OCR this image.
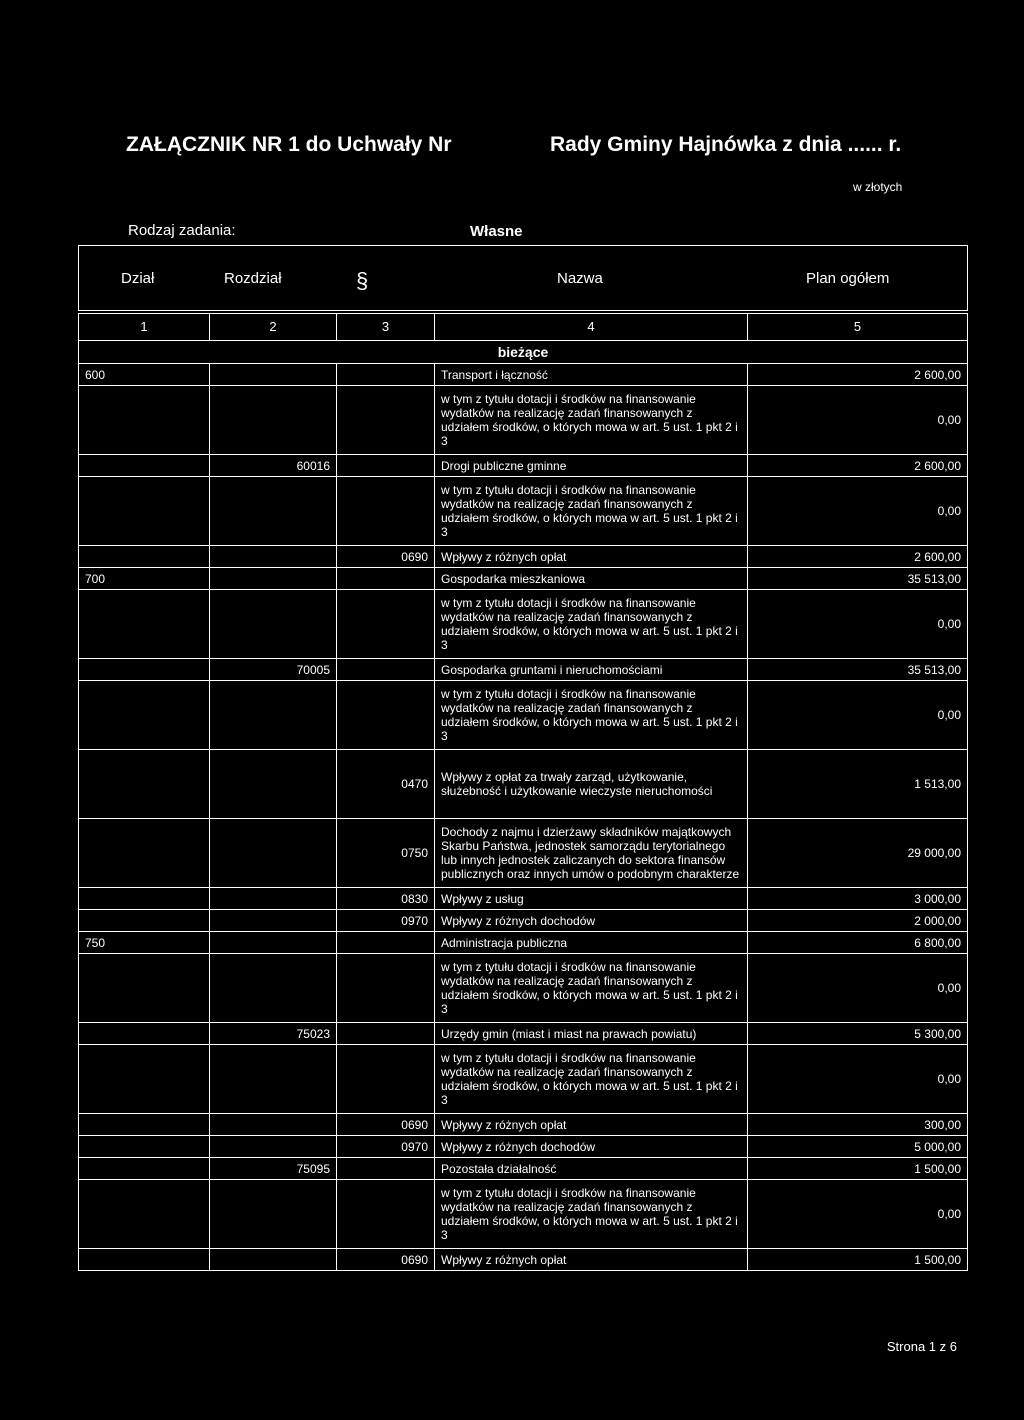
ZAŁĄCZNIK NR 1 do Uchwały Nr	Rady Gminy Hajnówka z dnia ...... r.
w złotych
Rodzaj zadania:	Własne
Dział	Rozdział	§	Nazwa	Plan ogółem
1	2	3	4	5
bieżące				
600			Transport i łączność	2 600,00
			w tym z tytułu dotacji i środków na finansowanie wydatków na realizację zadań finansowanych z udziałem środków, o których mowa w art. 5 ust. 1 pkt 2 i 3	0,00
	60016		Drogi publiczne gminne	2 600,00
			w tym z tytułu dotacji i środków na finansowanie wydatków na realizację zadań finansowanych z udziałem środków, o których mowa w art. 5 ust. 1 pkt 2 i 3	0,00
		0690	Wpływy z różnych opłat	2 600,00
700			Gospodarka mieszkaniowa	35 513,00
			w tym z tytułu dotacji i środków na finansowanie wydatków na realizację zadań finansowanych z udziałem środków, o których mowa w art. 5 ust. 1 pkt 2 i 3	0,00
	70005		Gospodarka gruntami i nieruchomościami	35 513,00
			w tym z tytułu dotacji i środków na finansowanie wydatków na realizację zadań finansowanych z udziałem środków, o których mowa w art. 5 ust. 1 pkt 2 i 3	0,00
		0470	Wpływy z opłat za trwały zarząd, użytkowanie, służebność i użytkowanie wieczyste nieruchomości	1 513,00
		0750	Dochody z najmu i dzierżawy składników majątkowych Skarbu Państwa, jednostek samorządu terytorialnego lub innych jednostek zaliczanych do sektora finansów publicznych oraz innych umów o podobnym charakterze	29 000,00
		0830	Wpływy z usług	3 000,00
		0970	Wpływy z różnych dochodów	2 000,00
750			Administracja publiczna	6 800,00
			w tym z tytułu dotacji i środków na finansowanie wydatków na realizację zadań finansowanych z udziałem środków, o których mowa w art. 5 ust. 1 pkt 2 i 3	0,00
	75023		Urzędy gmin (miast i miast na prawach powiatu)	5 300,00
			w tym z tytułu dotacji i środków na finansowanie wydatków na realizację zadań finansowanych z udziałem środków, o których mowa w art. 5 ust. 1 pkt 2 i 3	0,00
		0690	Wpływy z różnych opłat	300,00
		0970	Wpływy z różnych dochodów	5 000,00
	75095		Pozostała działalność	1 500,00
			w tym z tytułu dotacji i środków na finansowanie wydatków na realizację zadań finansowanych z udziałem środków, o których mowa w art. 5 ust. 1 pkt 2 i 3	0,00
		0690	Wpływy z różnych opłat	1 500,00
Strona 1 z 6
